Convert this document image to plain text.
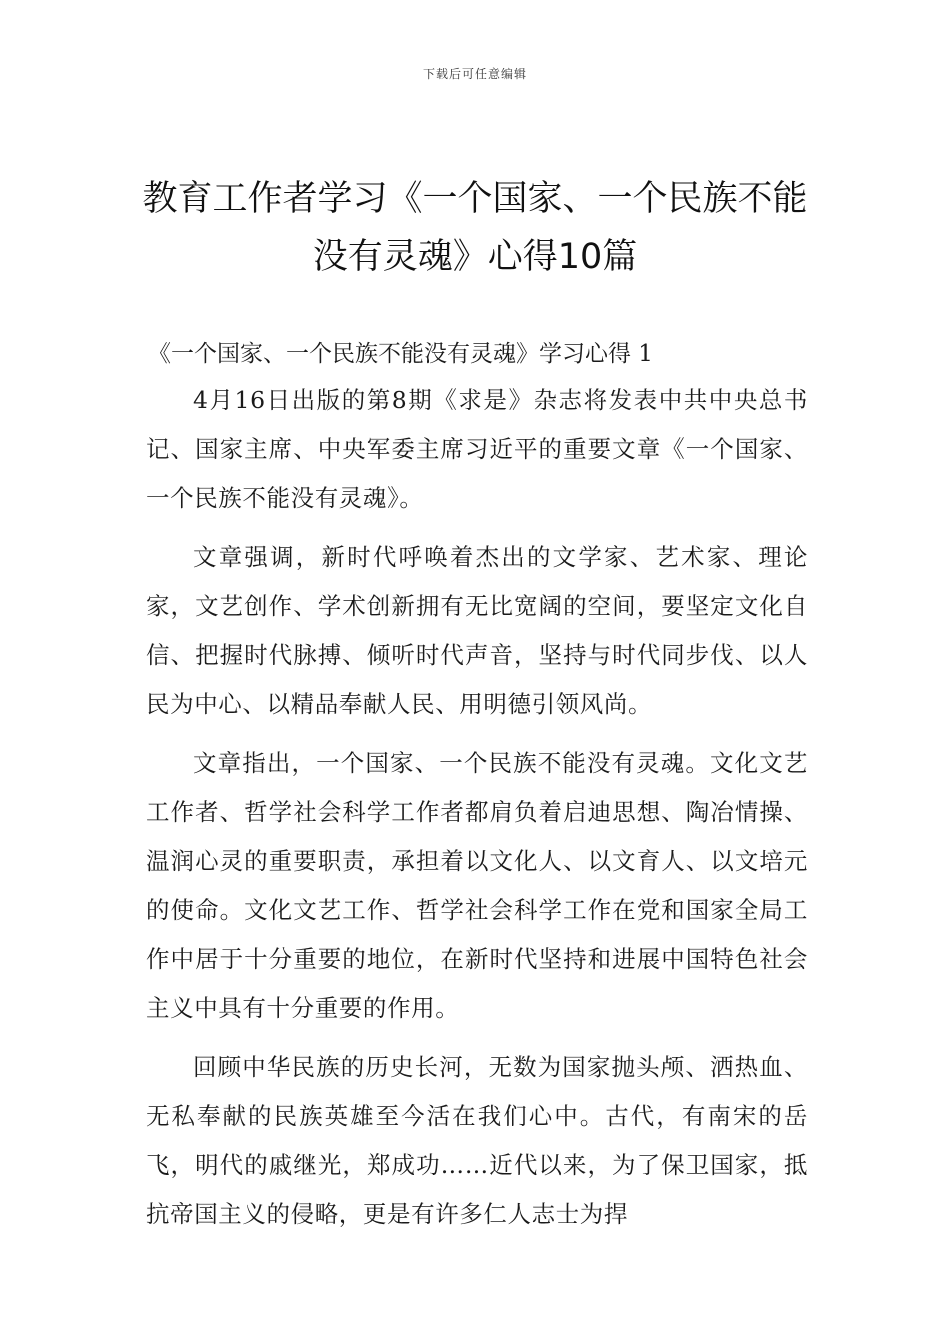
下载后可任意编辑
教育工作者学习《一个国家、一个民族不能没有灵魂》心得10篇
《一个国家、一个民族不能没有灵魂》学习心得 1

4月16日出版的第8期《求是》杂志将发表中共中央总书记、国家主席、中央军委主席习近平的重要文章《一个国家、一个民族不能没有灵魂》。

文章强调，新时代呼唤着杰出的文学家、艺术家、理论家，文艺创作、学术创新拥有无比宽阔的空间，要坚定文化自信、把握时代脉搏、倾听时代声音，坚持与时代同步伐、以人民为中心、以精品奉献人民、用明德引领风尚。

文章指出，一个国家、一个民族不能没有灵魂。文化文艺工作者、哲学社会科学工作者都肩负着启迪思想、陶冶情操、温润心灵的重要职责，承担着以文化人、以文育人、以文培元的使命。文化文艺工作、哲学社会科学工作在党和国家全局工作中居于十分重要的地位，在新时代坚持和进展中国特色社会主义中具有十分重要的作用。

回顾中华民族的历史长河，无数为国家抛头颅、洒热血、无私奉献的民族英雄至今活在我们心中。古代，有南宋的岳飞，明代的戚继光，郑成功……近代以来，为了保卫国家，抵抗帝国主义的侵略，更是有许多仁人志士为捍
